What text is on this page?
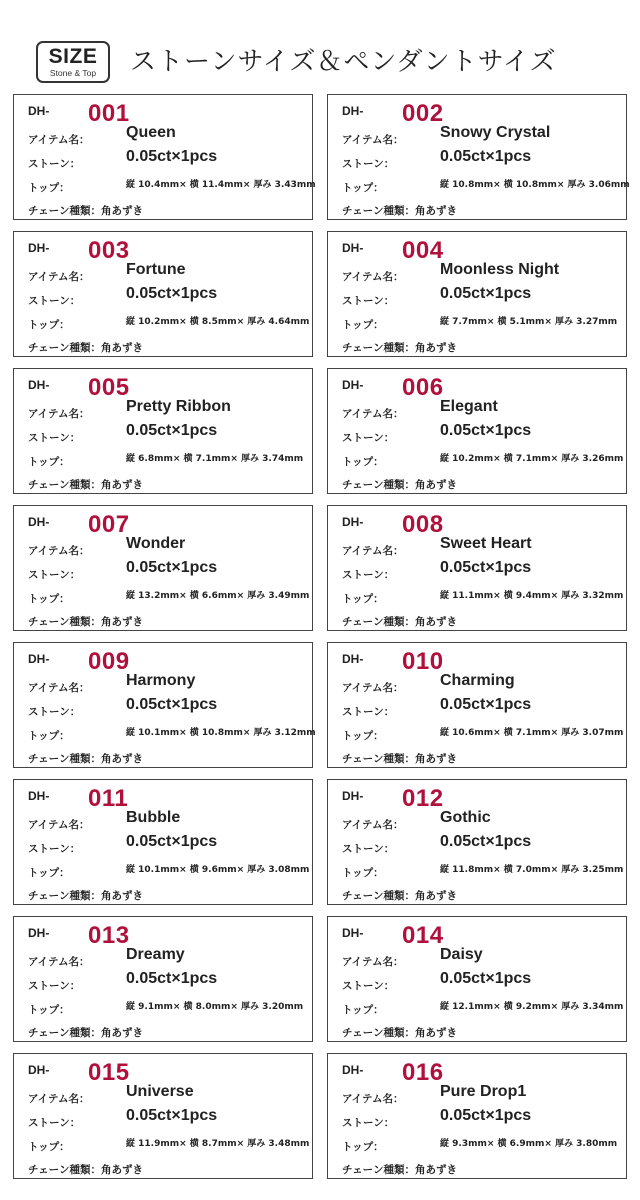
SIZE
Stone & Top	ストーンサイズ＆ペンダントサイズ
DH- 001
アイテム名： Queen
ストーン：	0.05ct×1pcs
トップ：	縦 10.4mm× 横 11.4mm× 厚み 3.43mm
チェーン種類：角あずき
DH- 002
アイテム名： Snowy Crystal
ストーン：	0.05ct×1pcs
トップ：	縦 10.8mm× 横 10.8mm× 厚み 3.06mm
チェーン種類：角あずき
DH- 003
アイテム名： Fortune
ストーン：	0.05ct×1pcs
トップ：	縦 10.2mm× 横 8.5mm× 厚み 4.64mm
チェーン種類：角あずき
DH- 004
アイテム名： Moonless Night
ストーン：	0.05ct×1pcs
トップ：	縦 7.7mm× 横 5.1mm× 厚み 3.27mm
チェーン種類：角あずき
DH- 005
アイテム名： Pretty Ribbon
ストーン：	0.05ct×1pcs
トップ：	縦 6.8mm× 横 7.1mm× 厚み 3.74mm
チェーン種類：角あずき
DH- 006
アイテム名： Elegant
ストーン：	0.05ct×1pcs
トップ：	縦 10.2mm× 横 7.1mm× 厚み 3.26mm
チェーン種類：角あずき
DH- 007
アイテム名： Wonder
ストーン：	0.05ct×1pcs
トップ：	縦 13.2mm× 横 6.6mm× 厚み 3.49mm
チェーン種類：角あずき
DH- 008
アイテム名： Sweet Heart
ストーン：	0.05ct×1pcs
トップ：	縦 11.1mm× 横 9.4mm× 厚み 3.32mm
チェーン種類：角あずき
DH- 009
アイテム名： Harmony
ストーン：	0.05ct×1pcs
トップ：	縦 10.1mm× 横 10.8mm× 厚み 3.12mm
チェーン種類：角あずき
DH- 010
アイテム名： Charming
ストーン：	0.05ct×1pcs
トップ：	縦 10.6mm× 横 7.1mm× 厚み 3.07mm
チェーン種類：角あずき
DH- 011
アイテム名： Bubble
ストーン：	0.05ct×1pcs
トップ：	縦 10.1mm× 横 9.6mm× 厚み 3.08mm
チェーン種類：角あずき
DH- 012
アイテム名： Gothic
ストーン：	0.05ct×1pcs
トップ：	縦 11.8mm× 横 7.0mm× 厚み 3.25mm
チェーン種類：角あずき
DH- 013
アイテム名： Dreamy
ストーン：	0.05ct×1pcs
トップ：	縦 9.1mm× 横 8.0mm× 厚み 3.20mm
チェーン種類：角あずき
DH- 014
アイテム名： Daisy
ストーン：	0.05ct×1pcs
トップ：	縦 12.1mm× 横 9.2mm× 厚み 3.34mm
チェーン種類：角あずき
DH- 015
アイテム名： Universe
ストーン：	0.05ct×1pcs
トップ：	縦 11.9mm× 横 8.7mm× 厚み 3.48mm
チェーン種類：角あずき
DH- 016
アイテム名： Pure Drop1
ストーン：	0.05ct×1pcs
トップ：	縦 9.3mm× 横 6.9mm× 厚み 3.80mm
チェーン種類：角あずき
